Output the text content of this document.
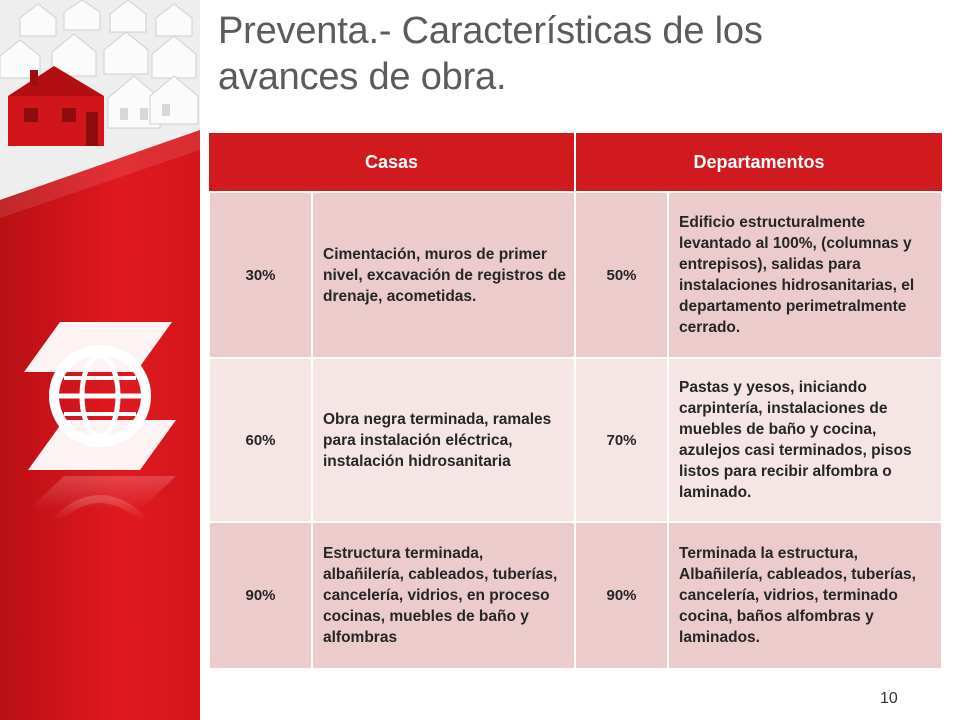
Preventa.- Características de los
avances de obra.
Casas		Departamentos	
30%	Cimentación, muros de primer nivel, excavación de registros de drenaje, acometidas.	50%	Edificio estructuralmente levantado al 100%, (columnas y entrepisos), salidas para instalaciones hidrosanitarias, el departamento perimetralmente cerrado.
60%	Obra negra terminada, ramales para instalación eléctrica, instalación hidrosanitaria	70%	Pastas y yesos, iniciando carpintería, instalaciones de muebles de baño y cocina, azulejos casi terminados, pisos listos para recibir alfombra o laminado.
90%	Estructura terminada, albañilería, cableados, tuberías, cancelería, vidrios, en proceso cocinas, muebles de baño y alfombras	90%	Terminada la estructura, Albañilería, cableados, tuberías, cancelería, vidrios, terminado cocina, baños alfombras y laminados.
10
